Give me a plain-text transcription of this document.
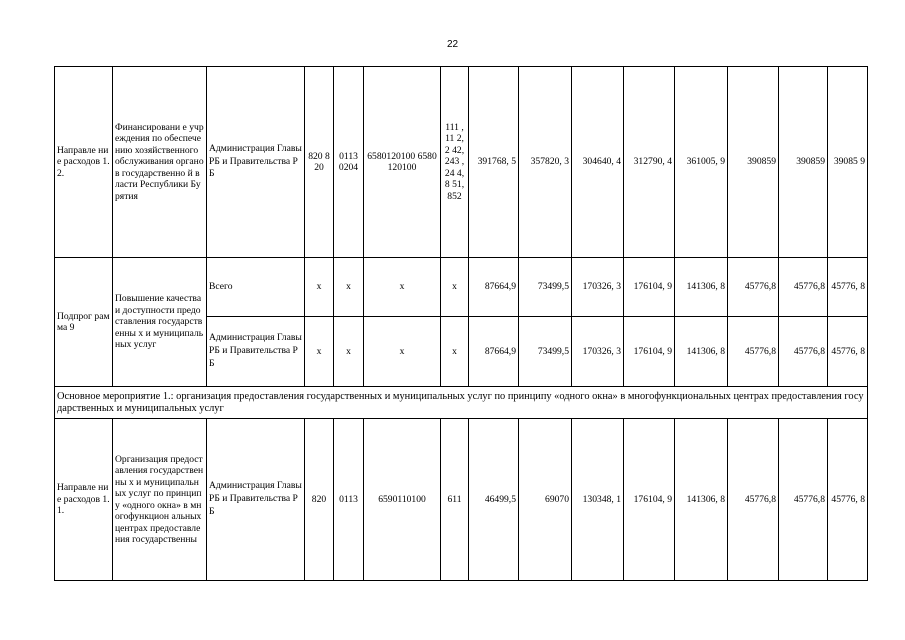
22
Направле ние расходов 1.2.	Финансировани е учреждения по обеспечению хозяйственного обслуживания органов государственно й власти Республики Бурятия	Администрация Главы РБ и Правительства РБ	820 820	0113 0204	6580120100 6580120100	111 ,11 2,2 42, 243 ,24 4,8 51, 852	391768, 5	357820, 3	304640, 4	312790, 4	361005, 9	390859	390859	39085 9
Подпрог рамма 9	Повышение качества и доступности предоставления государственны х и муниципальных услуг	Всего	х	х	х	х	87664,9	73499,5	170326, 3	176104, 9	141306, 8	45776,8	45776,8	45776, 8
		Администрация Главы РБ и Правительства РБ	х	х	х	х	87664,9	73499,5	170326, 3	176104, 9	141306, 8	45776,8	45776,8	45776, 8
Основное мероприятие 1.: организация предоставления государственных и муниципальных услуг по принципу «одного окна» в многофункциональных центрах предоставления государственных и муниципальных услуг														
Направле ние расходов 1.1.	Организация предоставления государственны х и муниципальных услуг по принципу «одного окна» в многофункцион альных центрах предоставления государственны	Администрация Главы РБ и Правительства РБ	820	0113	6590110100	611	46499,5	69070	130348, 1	176104, 9	141306, 8	45776,8	45776,8	45776, 8
